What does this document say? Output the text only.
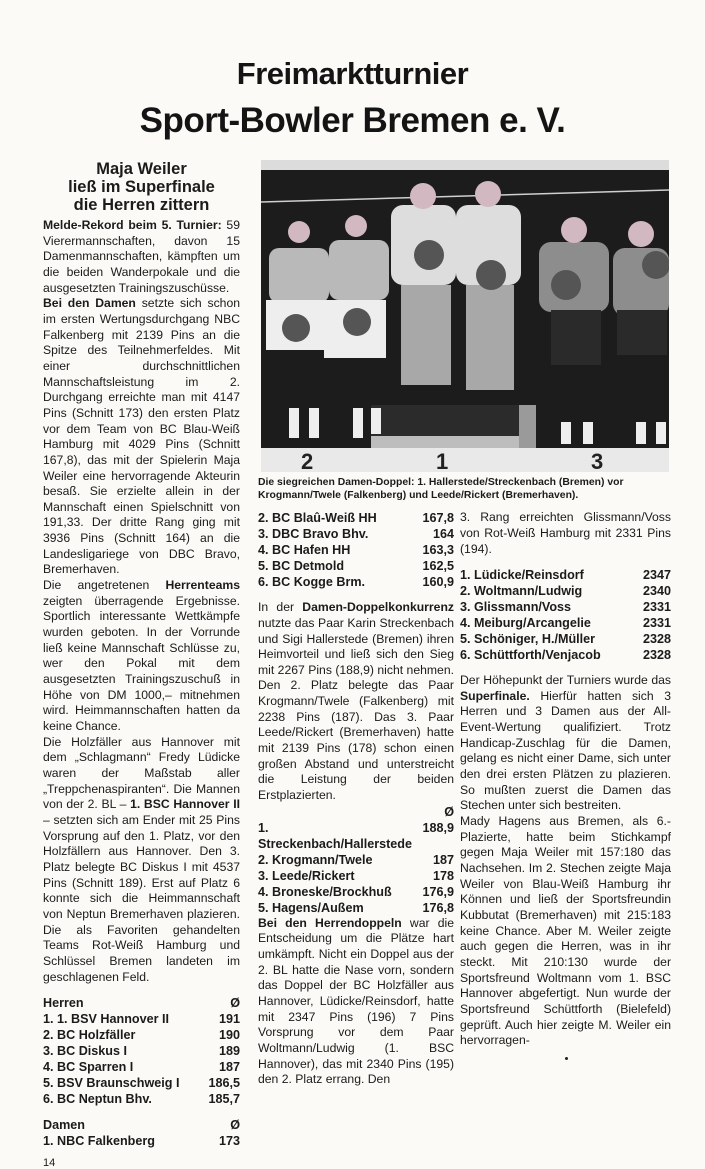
Freimarktturnier
Sport-Bowler Bremen e. V.
Maja Weiler
ließ im Superfinale
die Herren zittern

Melde-Rekord beim 5. Turnier: 59 Vierermannschaften, davon 15 Damenmannschaften, kämpften um die beiden Wanderpokale und die ausgesetzten Trainingszuschüsse.

Bei den Damen setzte sich schon im ersten Wertungsdurchgang NBC Falkenberg mit 2139 Pins an die Spitze des Teilnehmerfeldes. Mit einer durchschnittlichen Mannschaftsleistung im 2. Durchgang erreichte man mit 4147 Pins (Schnitt 173) den ersten Platz vor dem Team von BC Blau-Weiß Hamburg mit 4029 Pins (Schnitt 167,8), das mit der Spielerin Maja Weiler eine hervorragende Akteurin besaß. Sie erzielte allein in der Mannschaft einen Spielschnitt von 191,33. Der dritte Rang ging mit 3936 Pins (Schnitt 164) an die Landesligariege von DBC Bravo, Bremerhaven.

Die angetretenen Herrenteams zeigten überragende Ergebnisse. Sportlich interessante Wettkämpfe wurden geboten. In der Vorrunde ließ keine Mannschaft Schlüsse zu, wer den Pokal mit dem ausgesetzten Trainingszuschuß in Höhe von DM 1000,– mitnehmen wird. Heimmannschaften hatten da keine Chance.

Die Holzfäller aus Hannover mit dem „Schlagmann“ Fredy Lüdicke waren der Maßstab aller „Treppchenaspiranten“. Die Mannen von der 2. BL – 1. BSC Hannover II – setzten sich am Ender mit 25 Pins Vorsprung auf den 1. Platz, vor den Holzfällern aus Hannover. Den 3. Platz belegte BC Diskus I mit 4537 Pins (Schnitt 189). Erst auf Platz 6 konnte sich die Heimmannschaft von Neptun Bremerhaven plazieren. Die als Favoriten gehandelten Teams Rot-Weiß Hamburg und Schlüssel Bremen landeten im geschlagenen Feld.

Herren	Ø
1. 1. BSV Hannover II	191
2. BC Holzfäller	190
3. BC Diskus I	189
4. BC Sparren I	187
5. BSV Braunschweig I 186,5
6. BC Neptun Bhv.	185,7
Damen	Ø
1. NBC Falkenberg	173
14
2	1	3
Die siegreichen Damen-Doppel: 1. Hallerstede/Streckenbach (Bremen) vor Krogmann/Twele (Falkenberg) und Leede/Rickert (Bremerhaven).
2. BC Blaû-Weiß HH	167,8
3. DBC Bravo Bhv.	164
4. BC Hafen HH	163,3
5. BC Detmold	162,5
6. BC Kogge Brm.	160,9

In der Damen-Doppelkonkurrenz nutzte das Paar Karin Streckenbach und Sigi Hallerstede (Bremen) ihren Heimvorteil und ließ sich den Sieg mit 2267 Pins (188,9) nicht nehmen. Den 2. Platz belegte das Paar Krogmann/Twele (Falkenberg) mit 2238 Pins (187). Das 3. Paar Leede/Rickert (Bremerhaven) hatte mit 2139 Pins (178) schon einen großen Abstand und unterstreicht die Leistung der beiden Erstplazierten.

Ø
1. Streckenbach/Hallerstede
188,9
2. Krogmann/Twele	187
3. Leede/Rickert	178
4. Broneske/Brockhuß 176,9
5. Hagens/Außem	176,8

Bei den Herrendoppeln war die Entscheidung um die Plätze hart umkämpft. Nicht ein Doppel aus der 2. BL hatte die Nase vorn, sondern das Doppel der BC Holzfäller aus Hannover, Lüdicke/Reinsdorf, hatte mit 2347 Pins (196) 7 Pins Vorsprung vor dem Paar Woltmann/Ludwig (1. BSC Hannover), das mit 2340 Pins (195) den 2. Platz errang. Den

3. Rang erreichten Glissmann/Voss von Rot-Weiß Hamburg mit 2331 Pins (194).

1. Lüdicke/Reinsdorf	2347
2. Woltmann/Ludwig	2340
3. Glissmann/Voss	2331
4. Meiburg/Arcangelie	2331
5. Schöniger, H./Müller	2328
6. Schüttforth/Venjacob	2328

Der Höhepunkt der Turniers wurde das Superfinale. Hierfür hatten sich 3 Herren und 3 Damen aus der All-Event-Wertung qualifiziert. Trotz Handicap-Zuschlag für die Damen, gelang es nicht einer Dame, sich unter den drei ersten Plätzen zu plazieren. So mußten zuerst die Damen das Stechen unter sich bestreiten.

Mady Hagens aus Bremen, als 6.-Plazierte, hatte beim Stichkampf gegen Maja Weiler mit 157:180 das Nachsehen. Im 2. Stechen zeigte Maja Weiler von Blau-Weiß Hamburg ihr Können und ließ der Sportsfreundin Kubbutat (Bremerhaven) mit 215:183 keine Chance. Aber M. Weiler zeigte auch gegen die Herren, was in ihr steckt. Mit 210:130 wurde der Sportsfreund Woltmann vom 1. BSC Hannover abgefertigt. Nun wurde der Sportsfreund Schüttforth (Bielefeld) geprüft. Auch hier zeigte M. Weiler ein hervorragen-
